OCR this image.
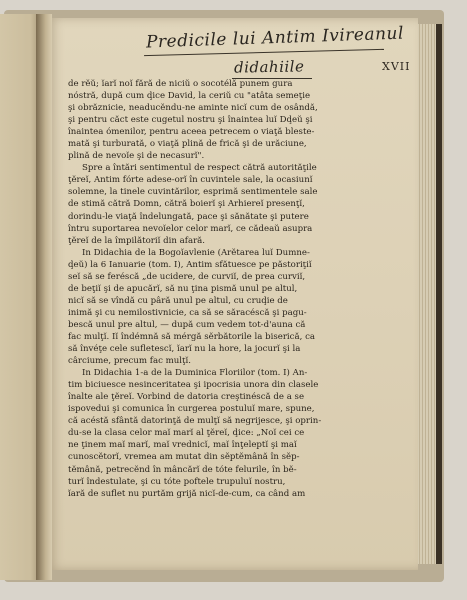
Predicile lui Antim Ivireanul
didahiile	XVII
de rĕŭ; ĭarĭ noĭ fără de niciŭ o socotélă punem gura
nóstră, după cum ḑice David, la ceriŭ cu "atâta semeţie
şi obrăznicie, neaducĕndu-ne aminte nicĭ cum de osândă,
şi pentru căct este cugetul nostru şi înaintea luĭ Dḑeŭ şi
înaintea ómenilor, pentru aceea petrecem o viaţă bleste-
mată şi turburată, o viaţă plină de frică şi de urăciune,
plină de nevoĭe şi de necasurĭ".
Spre a întări sentimentul de respect cătră autorităţile
ţĕreĭ, Antim fórte adese-orĭ în cuvintele sale, la ocasiunĭ
solemne, la tinele cuvintărilor, esprimă sentimentele sale
de stimă cătră Domn, cătră boierĭ şi Arhiereĭ presenţĭ,
dorindu-le viaţă îndelungată, pace şi sănătate şi putere
întru suportarea nevoĭelor celor marĭ, ce cădeaŭ asupra
ţĕreĭ de la împilătoriĭ din afară.
In Didachia de la Bogoĭavlenie (Arĕtarea luĭ Dumne-
ḑeŭ) la 6 Ianuarie (tom. I), Antim sfătuesce pe păstoriţiĭ
seĭ să se feréscă „de ucidere, de curviĭ, de prea curviĭ,
de beţiĭ şi de apucărĭ, să nu ţina pismă unul pe altul,
nicĭ să se vîndă cu pâră unul pe altul, cu cruḑie de
inimă şi cu nemilostivnicie, ca să se săracéscă şi pagu-
bescă unul pre altul, — după cum vedem tot-d'auna că
fac mulţĭ. Iĭ îndémnă să mérgă sĕrbătorile la biserică, ca
să învéţe cele sufletescĭ, ĭarĭ nu la hore, la jocurĭ şi la
cârciume, precum fac mulţĭ.
In Didachia 1-a de la Duminica Floriilor (tom. I) An-
tim biciuesce nesinceritatea şi ipocrisia unora din clasele
înalte ale ţĕreĭ. Vorbind de datoria creştinéscă de a se
ispovedui şi comunica în curgerea postuluĭ mare, spune,
că acéstă sfântă datorinţă de mulţĭ să negrijesce, şi oprin-
du-se la clasa celor maĭ marĭ al ţĕreĭ, ḑice: „Noĭ cei ce
ne ţinem maĭ marĭ, maĭ vrednicĭ, maĭ înţeleptĭ şi maĭ
cunoscĕtorĭ, vremea am mutat din sĕptĕmână în sĕp-
tĕmână, petrecĕnd în mâncărĭ de tóte felurile, în bĕ-
turĭ îndestulate, şi cu tóte poftele trupuluĭ nostru,
ĭară de suflet nu purtăm grijă nicĭ-de-cum, ca când am
